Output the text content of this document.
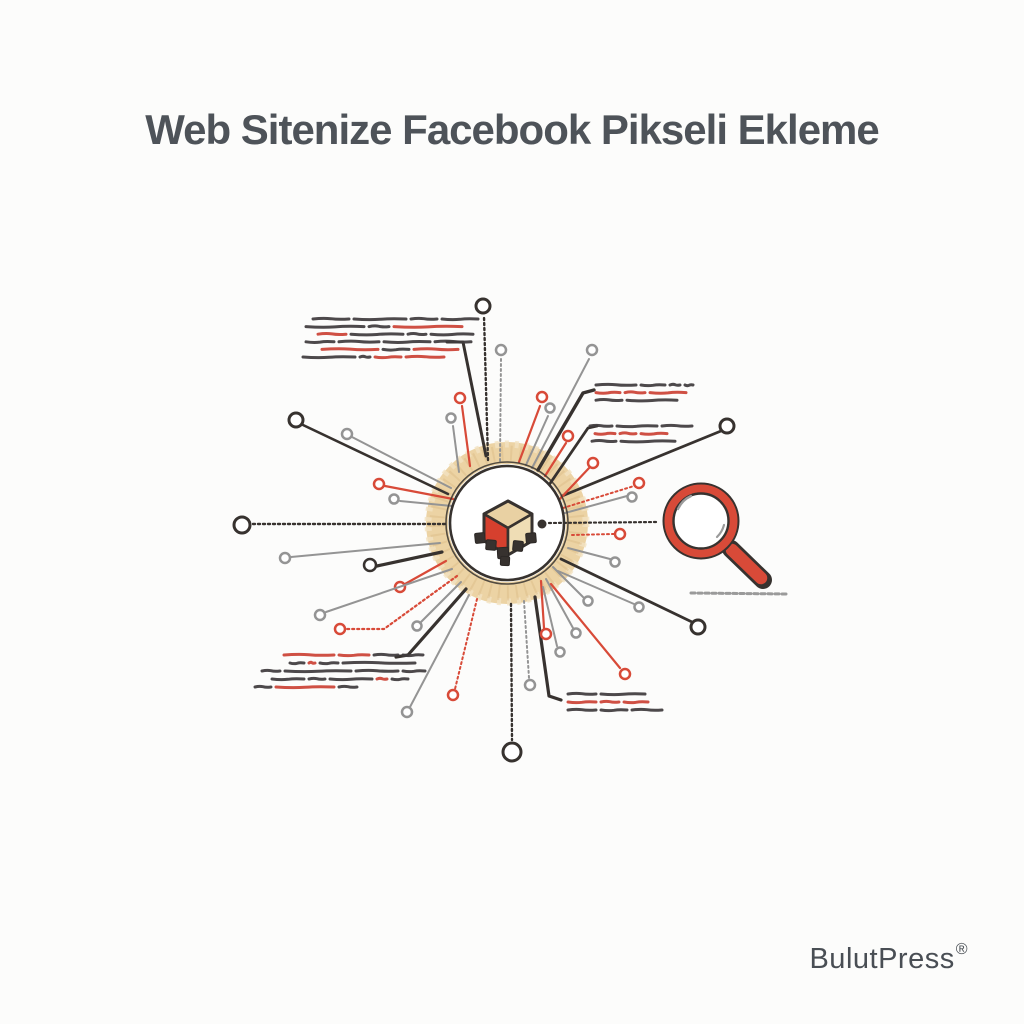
Web Sitenize Facebook Pikseli Ekleme
BulutPress®
